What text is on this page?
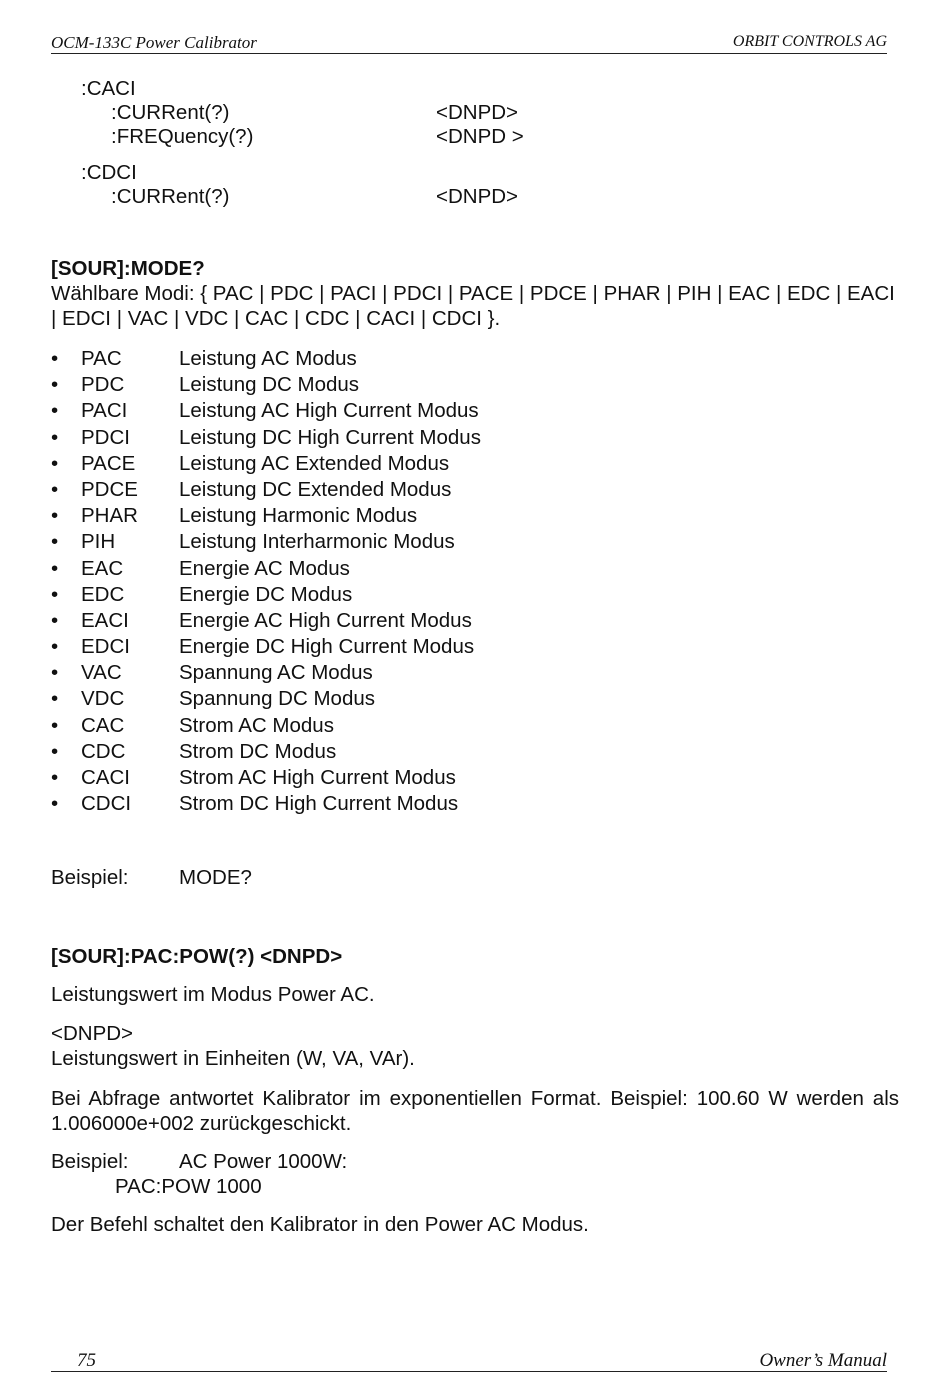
OCM-133C Power Calibrator	ORBIT CONTROLS AG
:CACI
:CURRent(?)	<DNPD>
:FREQuency(?)	<DNPD >
:CDCI
:CURRent(?)	<DNPD>
[SOUR]:MODE?
Wählbare Modi: { PAC | PDC | PACI | PDCI | PACE | PDCE | PHAR | PIH | EAC | EDC | EACI | EDCI | VAC | VDC | CAC | CDC | CACI | CDCI }.
• PAC	Leistung AC Modus
• PDC	Leistung DC Modus
• PACI	Leistung AC High Current Modus
• PDCI Leistung DC High Current Modus
• PACE Leistung AC Extended Modus
• PDCE Leistung DC Extended Modus
• PHAR Leistung Harmonic Modus
• PIH	Leistung Interharmonic Modus
• EAC	Energie AC Modus
• EDC	Energie DC Modus
• EACI Energie AC High Current Modus
• EDCI Energie DC High Current Modus
• VAC	Spannung AC Modus
• VDC	Spannung DC Modus
• CAC	Strom AC Modus
• CDC	Strom DC Modus
• CACI Strom AC High Current Modus
• CDCI Strom DC High Current Modus
Beispiel: MODE?
[SOUR]:PAC:POW(?) <DNPD>
Leistungswert im Modus Power AC.
<DNPD>
Leistungswert in Einheiten (W, VA, VAr).
Bei Abfrage antwortet Kalibrator im exponentiellen Format. Beispiel: 100.60 W werden als 1.006000e+002 zurückgeschickt.
Beispiel: AC Power 1000W:
PAC:POW 1000
Der Befehl schaltet den Kalibrator in den Power AC Modus.
75	Owner’s Manual
